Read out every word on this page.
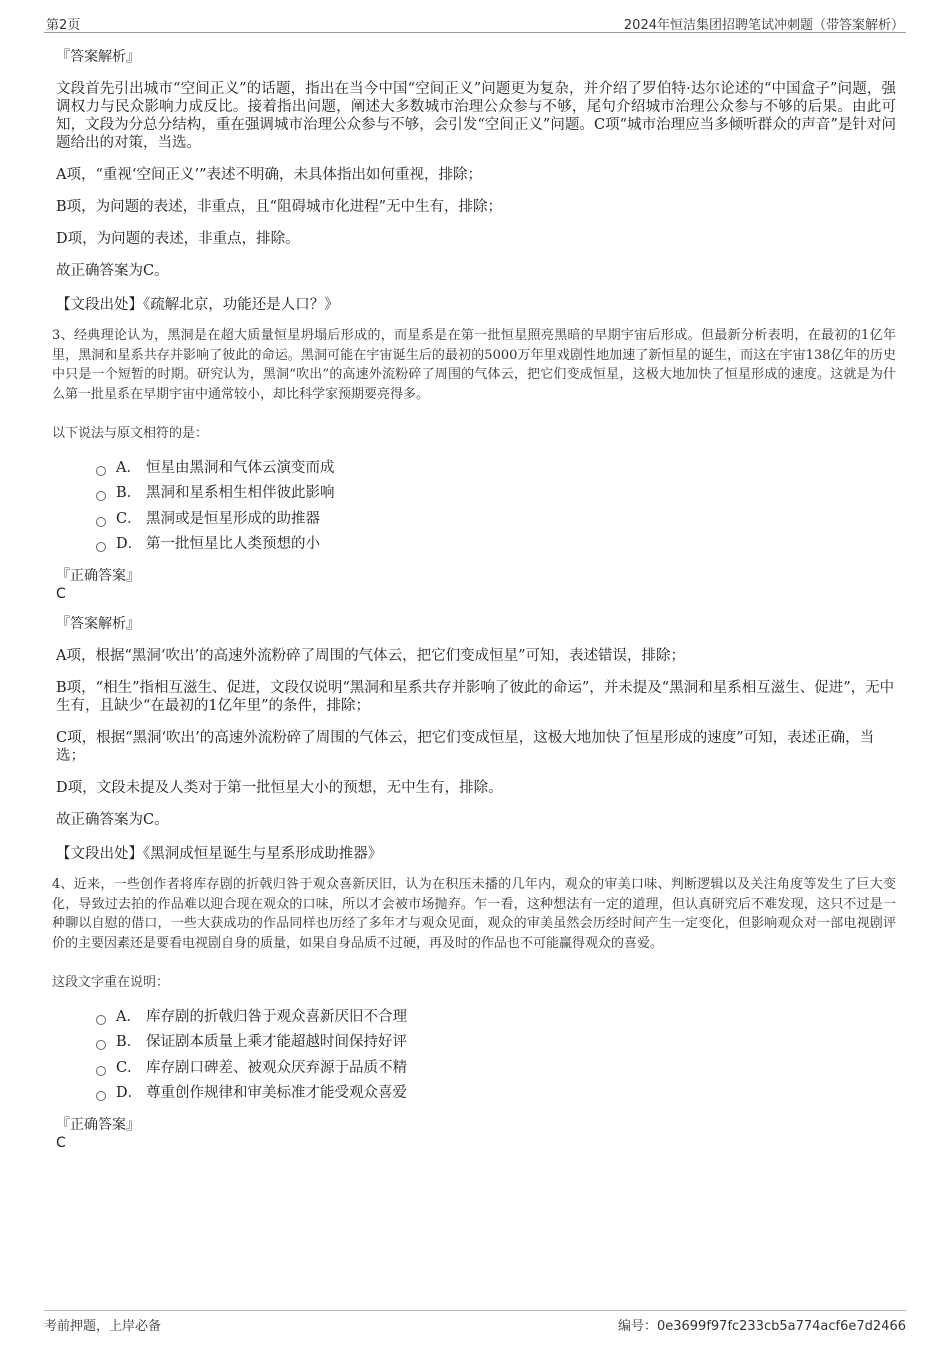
第2页	2024年恒洁集团招聘笔试冲刺题（带答案解析）
『答案解析』

文段首先引出城市“空间正义”的话题，指出在当今中国“空间正义”问题更为复杂，并介绍了罗伯特·达尔论述的“中国盒子”问题，强调权力与民众影响力成反比。接着指出问题，阐述大多数城市治理公众参与不够，尾句介绍城市治理公众参与不够的后果。由此可知，文段为分总分结构，重在强调城市治理公众参与不够，会引发“空间正义”问题。C项“城市治理应当多倾听群众的声音”是针对问题给出的对策，当选。

A项，“重视‘空间正义’”表述不明确，未具体指出如何重视，排除；

B项，为问题的表述，非重点，且“阻碍城市化进程”无中生有，排除；

D项，为问题的表述，非重点，排除。

故正确答案为C。

【文段出处】《疏解北京，功能还是人口？》

3、经典理论认为，黑洞是在超大质量恒星坍塌后形成的，而星系是在第一批恒星照亮黑暗的早期宇宙后形成。但最新分析表明，在最初的1亿年里，黑洞和星系共存并影响了彼此的命运。黑洞可能在宇宙诞生后的最初的5000万年里戏剧性地加速了新恒星的诞生，而这在宇宙138亿年的历史中只是一个短暂的时期。研究认为，黑洞“吹出”的高速外流粉碎了周围的气体云，把它们变成恒星，这极大地加快了恒星形成的速度。这就是为什么第一批星系在早期宇宙中通常较小，却比科学家预期要亮得多。

以下说法与原文相符的是：

A． 恒星由黑洞和气体云演变而成
B． 黑洞和星系相生相伴彼此影响
C． 黑洞或是恒星形成的助推器
D． 第一批恒星比人类预想的小
『正确答案』
C
『答案解析』

A项，根据“黑洞‘吹出’的高速外流粉碎了周围的气体云，把它们变成恒星”可知，表述错误，排除；

B项，“相生”指相互滋生、促进，文段仅说明“黑洞和星系共存并影响了彼此的命运”，并未提及“黑洞和星系相互滋生、促进”，无中生有，且缺少“在最初的1亿年里”的条件，排除；

C项，根据“黑洞‘吹出’的高速外流粉碎了周围的气体云，把它们变成恒星，这极大地加快了恒星形成的速度”可知，表述正确，当选；

D项，文段未提及人类对于第一批恒星大小的预想，无中生有，排除。

故正确答案为C。

【文段出处】《黑洞成恒星诞生与星系形成助推器》

4、近来，一些创作者将库存剧的折戟归咎于观众喜新厌旧，认为在积压未播的几年内，观众的审美口味、判断逻辑以及关注角度等发生了巨大变化，导致过去拍的作品难以迎合现在观众的口味，所以才会被市场抛弃。乍一看，这种想法有一定的道理，但认真研究后不难发现，这只不过是一种聊以自慰的借口，一些大获成功的作品同样也历经了多年才与观众见面，观众的审美虽然会历经时间产生一定变化，但影响观众对一部电视剧评价的主要因素还是要看电视剧自身的质量，如果自身品质不过硬，再及时的作品也不可能赢得观众的喜爱。

这段文字重在说明：

A． 库存剧的折戟归咎于观众喜新厌旧不合理
B． 保证剧本质量上乘才能超越时间保持好评
C． 库存剧口碑差、被观众厌弃源于品质不精
D． 尊重创作规律和审美标准才能受观众喜爱
『正确答案』
C
考前押题，上岸必备	编号：0e3699f97fc233cb5a774acf6e7d2466
